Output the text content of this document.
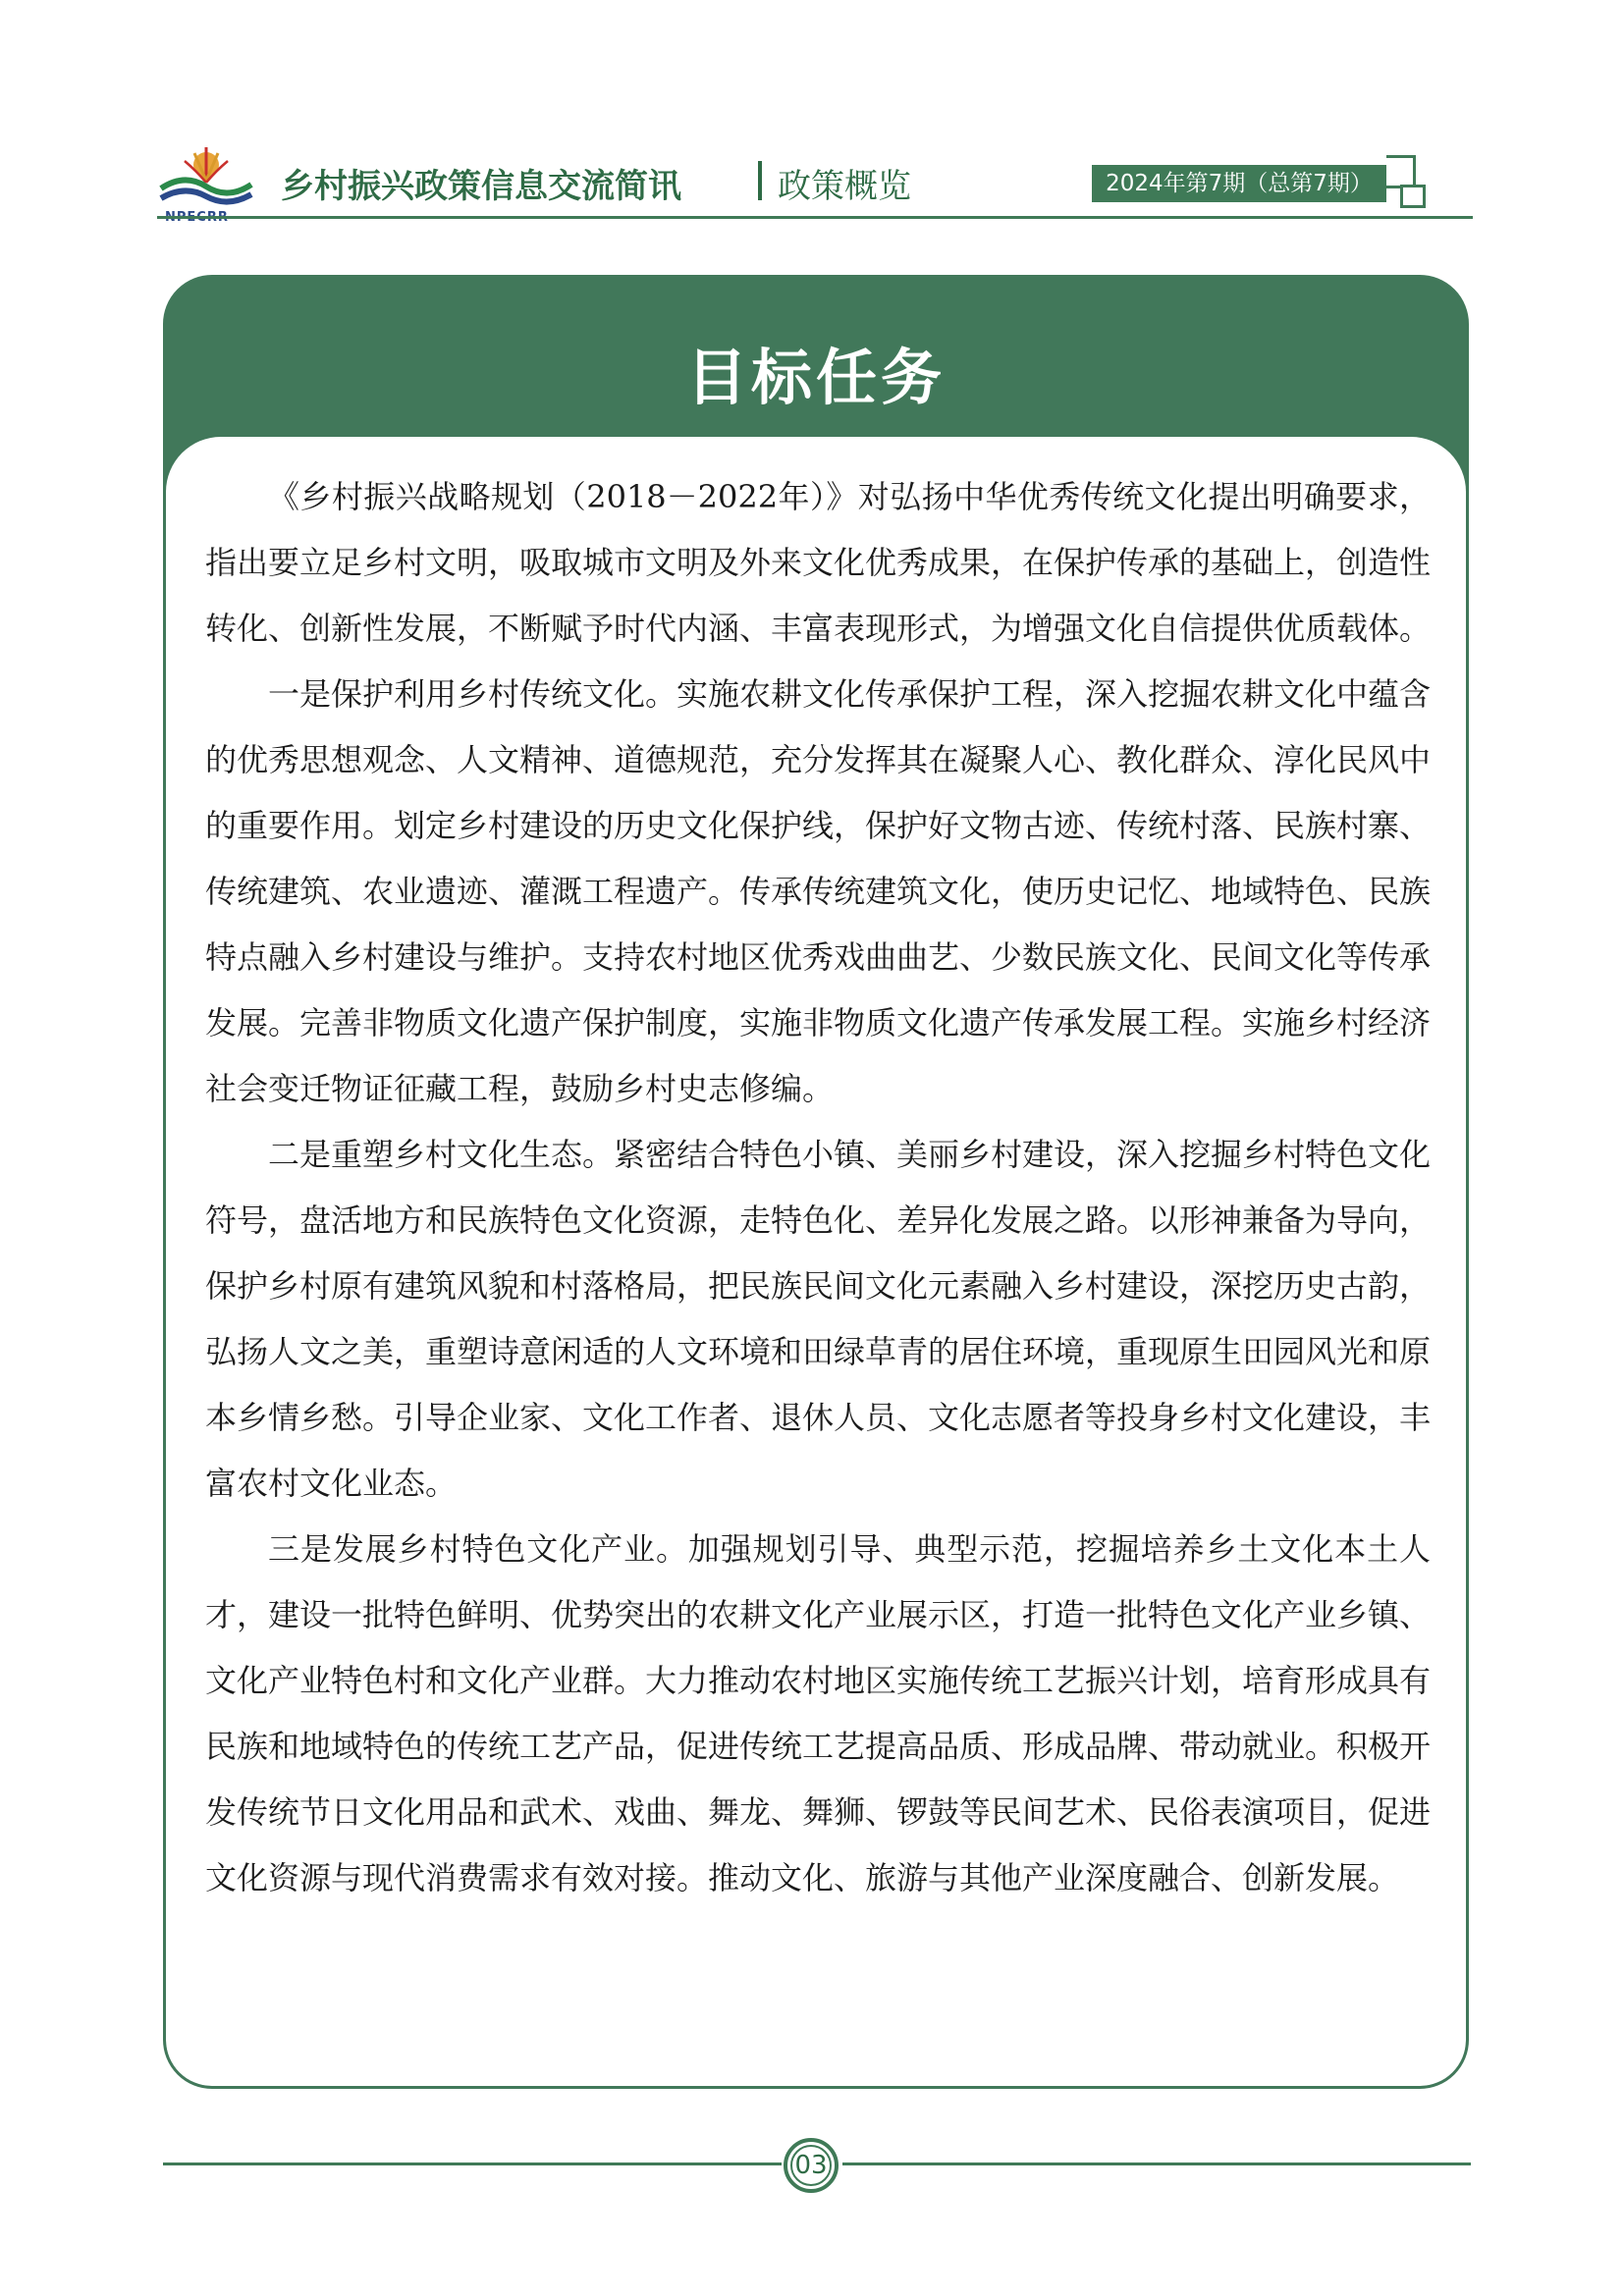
乡村振兴政策信息交流简讯	政策概览	2024年第7期（总第7期）
目标任务

《乡村振兴战略规划（2018－2022年）》对弘扬中华优秀传统文化提出明确要求，指出要立足乡村文明，吸取城市文明及外来文化优秀成果，在保护传承的基础上，创造性转化、创新性发展，不断赋予时代内涵、丰富表现形式，为增强文化自信提供优质载体。

一是保护利用乡村传统文化。实施农耕文化传承保护工程，深入挖掘农耕文化中蕴含的优秀思想观念、人文精神、道德规范，充分发挥其在凝聚人心、教化群众、淳化民风中的重要作用。划定乡村建设的历史文化保护线，保护好文物古迹、传统村落、民族村寨、传统建筑、农业遗迹、灌溉工程遗产。传承传统建筑文化，使历史记忆、地域特色、民族特点融入乡村建设与维护。支持农村地区优秀戏曲曲艺、少数民族文化、民间文化等传承发展。完善非物质文化遗产保护制度，实施非物质文化遗产传承发展工程。实施乡村经济社会变迁物证征藏工程，鼓励乡村史志修编。

二是重塑乡村文化生态。紧密结合特色小镇、美丽乡村建设，深入挖掘乡村特色文化符号，盘活地方和民族特色文化资源，走特色化、差异化发展之路。以形神兼备为导向，保护乡村原有建筑风貌和村落格局，把民族民间文化元素融入乡村建设，深挖历史古韵，弘扬人文之美，重塑诗意闲适的人文环境和田绿草青的居住环境，重现原生田园风光和原本乡情乡愁。引导企业家、文化工作者、退休人员、文化志愿者等投身乡村文化建设，丰富农村文化业态。

三是发展乡村特色文化产业。加强规划引导、典型示范，挖掘培养乡土文化本土人才，建设一批特色鲜明、优势突出的农耕文化产业展示区，打造一批特色文化产业乡镇、文化产业特色村和文化产业群。大力推动农村地区实施传统工艺振兴计划，培育形成具有民族和地域特色的传统工艺产品，促进传统工艺提高品质、形成品牌、带动就业。积极开发传统节日文化用品和武术、戏曲、舞龙、舞狮、锣鼓等民间艺术、民俗表演项目，促进文化资源与现代消费需求有效对接。推动文化、旅游与其他产业深度融合、创新发展。

03
